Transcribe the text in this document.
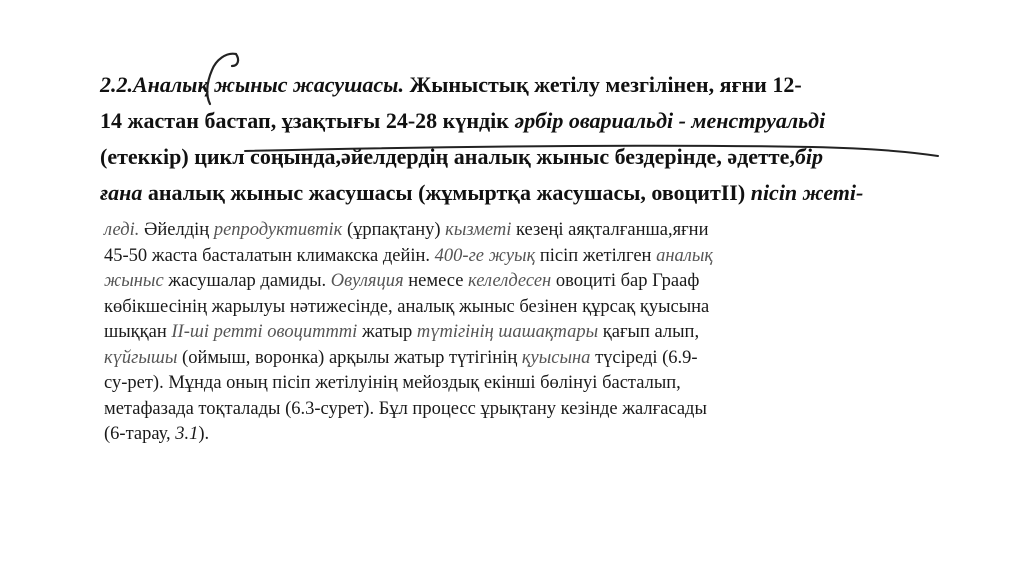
2.2.Аналық жыныс жасушасы. Жыныстық жетілу мезгілінен, яғни 12-
14 жастан бастап, ұзақтығы 24-28 күндік әрбір овариальді - менструальді
(етеккір) цикл соңында,әйелдердің аналық жыныс бездерінде, әдетте,бір
ғана аналық жыныс жасушасы (жұмыртқа жасушасы, овоцитІІ) пісіп жеті-
леді. Әйелдің репродуктивтік (ұрпақтану) кызметі кезеңі аяқталғанша,яғни
45-50 жаста басталатын климакска дейін. 400-ге жуық пісіп жетілген аналық
жыныс жасушалар дамиды. Овуляция немесе келелдесен овоциті бар Грааф
көбікшесінің жарылуы нәтижесінде, аналық жыныс безінен құрсақ қуысына
шыққан II-ші ретті овоциттті жатыр түтігінің шашақтары қағып алып,
күйгышы (оймыш, воронка) арқылы жатыр түтігінің қуысына түсіреді (6.9-
су-рет). Мұнда оның пісіп жетілуінің мейоздық екінші бөлінуі басталып,
метафазада тоқталады (6.3-сурет). Бұл процесс ұрықтану кезінде жалғасады
(6-тарау, 3.1).
